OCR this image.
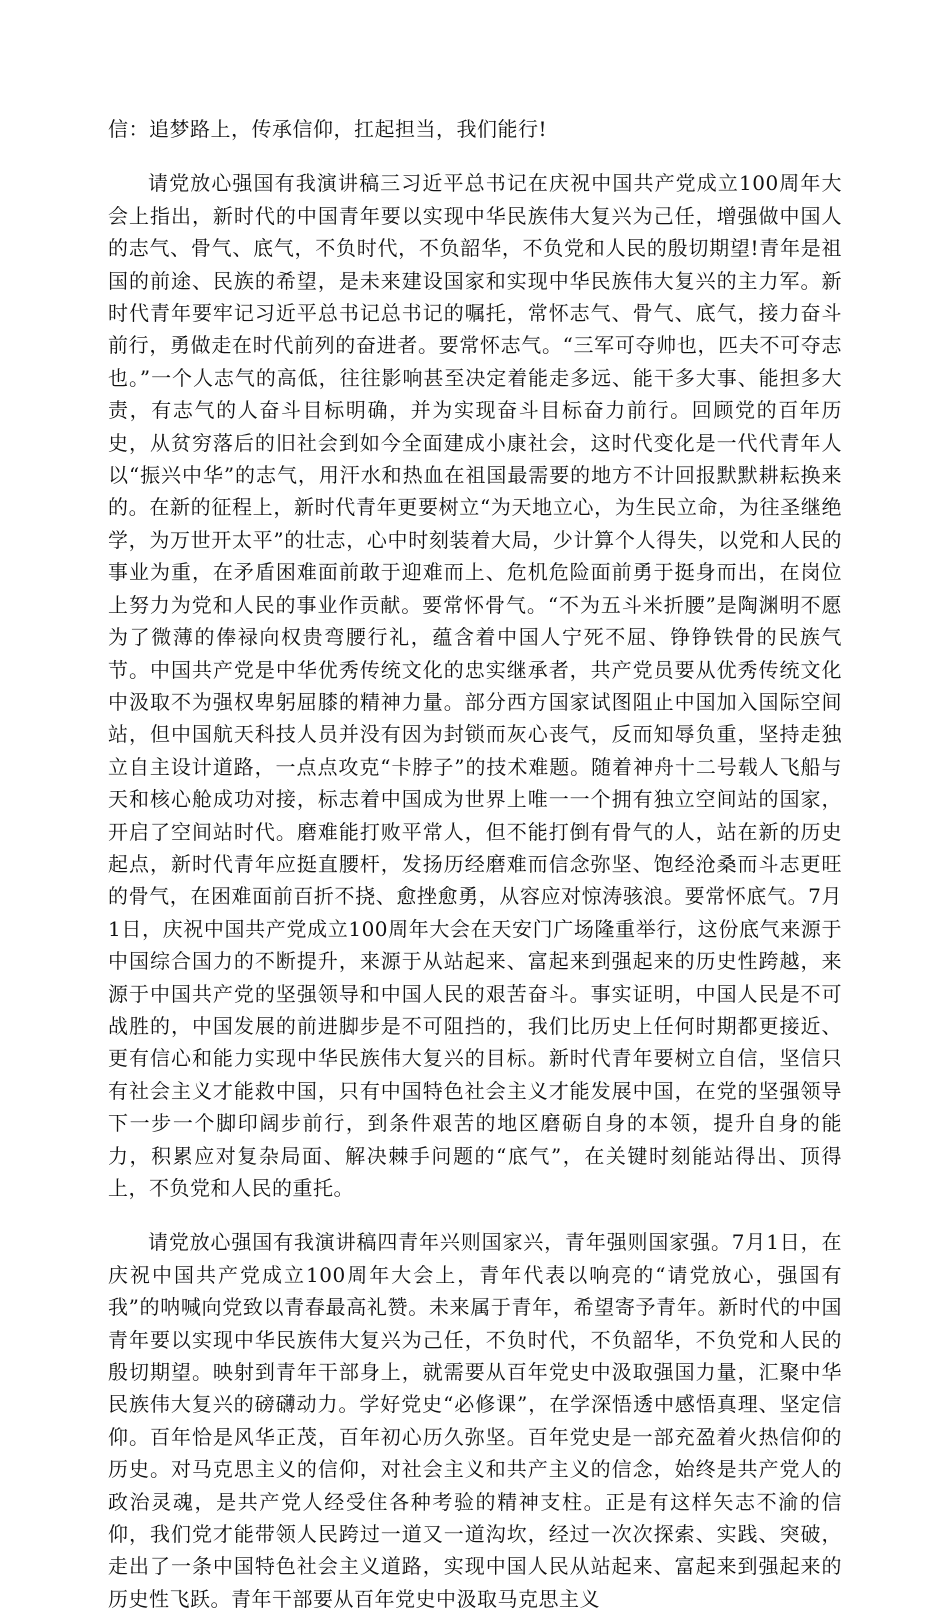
信：追梦路上，传承信仰，扛起担当，我们能行!

请党放心强国有我演讲稿三习近平总书记在庆祝中国共产党成立100周年大会上指出，新时代的中国青年要以实现中华民族伟大复兴为己任，增强做中国人的志气、骨气、底气，不负时代，不负韶华，不负党和人民的殷切期望!青年是祖国的前途、民族的希望，是未来建设国家和实现中华民族伟大复兴的主力军。新时代青年要牢记习近平总书记总书记的嘱托，常怀志气、骨气、底气，接力奋斗前行，勇做走在时代前列的奋进者。要常怀志气。“三军可夺帅也，匹夫不可夺志也。”一个人志气的高低，往往影响甚至决定着能走多远、能干多大事、能担多大责，有志气的人奋斗目标明确，并为实现奋斗目标奋力前行。回顾党的百年历史，从贫穷落后的旧社会到如今全面建成小康社会，这时代变化是一代代青年人以“振兴中华”的志气，用汗水和热血在祖国最需要的地方不计回报默默耕耘换来的。在新的征程上，新时代青年更要树立“为天地立心，为生民立命，为往圣继绝学，为万世开太平”的壮志，心中时刻装着大局，少计算个人得失，以党和人民的事业为重，在矛盾困难面前敢于迎难而上、危机危险面前勇于挺身而出，在岗位上努力为党和人民的事业作贡献。要常怀骨气。“不为五斗米折腰”是陶渊明不愿为了微薄的俸禄向权贵弯腰行礼，蕴含着中国人宁死不屈、铮铮铁骨的民族气节。中国共产党是中华优秀传统文化的忠实继承者，共产党员要从优秀传统文化中汲取不为强权卑躬屈膝的精神力量。部分西方国家试图阻止中国加入国际空间站，但中国航天科技人员并没有因为封锁而灰心丧气，反而知辱负重，坚持走独立自主设计道路，一点点攻克“卡脖子”的技术难题。随着神舟十二号载人飞船与天和核心舱成功对接，标志着中国成为世界上唯一一个拥有独立空间站的国家，开启了空间站时代。磨难能打败平常人，但不能打倒有骨气的人，站在新的历史起点，新时代青年应挺直腰杆，发扬历经磨难而信念弥坚、饱经沧桑而斗志更旺的骨气，在困难面前百折不挠、愈挫愈勇，从容应对惊涛骇浪。要常怀底气。7月1日，庆祝中国共产党成立100周年大会在天安门广场隆重举行，这份底气来源于中国综合国力的不断提升，来源于从站起来、富起来到强起来的历史性跨越，来源于中国共产党的坚强领导和中国人民的艰苦奋斗。事实证明，中国人民是不可战胜的，中国发展的前进脚步是不可阻挡的，我们比历史上任何时期都更接近、更有信心和能力实现中华民族伟大复兴的目标。新时代青年要树立自信，坚信只有社会主义才能救中国，只有中国特色社会主义才能发展中国，在党的坚强领导下一步一个脚印阔步前行，到条件艰苦的地区磨砺自身的本领，提升自身的能力，积累应对复杂局面、解决棘手问题的“底气”，在关键时刻能站得出、顶得上，不负党和人民的重托。

请党放心强国有我演讲稿四青年兴则国家兴，青年强则国家强。7月1日，在庆祝中国共产党成立100周年大会上，青年代表以响亮的“请党放心，强国有我”的呐喊向党致以青春最高礼赞。未来属于青年，希望寄予青年。新时代的中国青年要以实现中华民族伟大复兴为己任，不负时代，不负韶华，不负党和人民的殷切期望。映射到青年干部身上，就需要从百年党史中汲取强国力量，汇聚中华民族伟大复兴的磅礴动力。学好党史“必修课”，在学深悟透中感悟真理、坚定信仰。百年恰是风华正茂，百年初心历久弥坚。百年党史是一部充盈着火热信仰的历史。对马克思主义的信仰，对社会主义和共产主义的信念，始终是共产党人的政治灵魂，是共产党人经受住各种考验的精神支柱。正是有这样矢志不渝的信仰，我们党才能带领人民跨过一道又一道沟坎，经过一次次探索、实践、突破，走出了一条中国特色社会主义道路，实现中国人民从站起来、富起来到强起来的历史性飞跃。青年干部要从百年党史中汲取马克思主义
